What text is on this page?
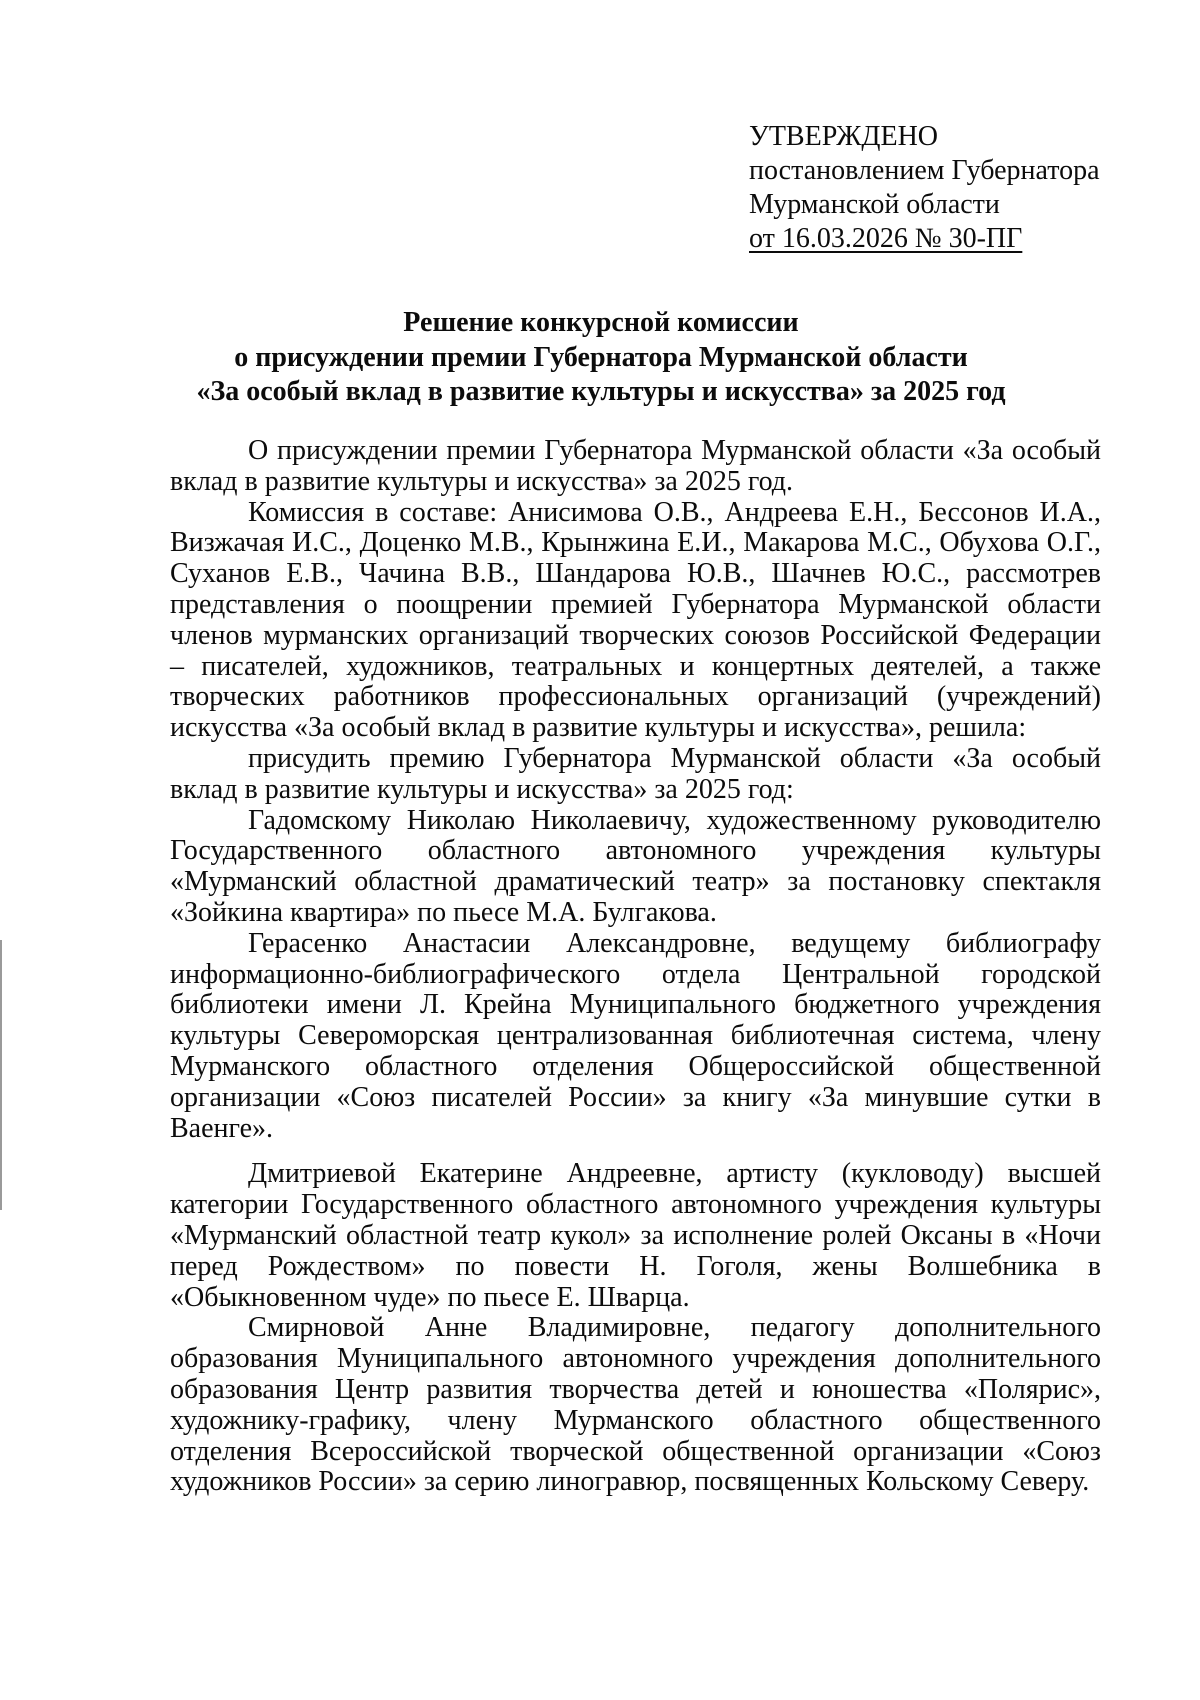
УТВЕРЖДЕНО
постановлением Губернатора
Мурманской области
от 16.03.2026 № 30-ПГ
Решение конкурсной комиссии
о присуждении премии Губернатора Мурманской области
«За особый вклад в развитие культуры и искусства» за 2025 год

О присуждении премии Губернатора Мурманской области «За особый вклад в развитие культуры и искусства» за 2025 год.

Комиссия в составе: Анисимова О.В., Андреева Е.Н., Бессонов И.А., Визжачая И.С., Доценко М.В., Крынжина Е.И., Макарова М.С., Обухова О.Г., Суханов Е.В., Чачина В.В., Шандарова Ю.В., Шачнев Ю.С., рассмотрев представления о поощрении премией Губернатора Мурманской области членов мурманских организаций творческих союзов Российской Федерации – писателей, художников, театральных и концертных деятелей, а также творческих работников профессиональных организаций (учреждений) искусства «За особый вклад в развитие культуры и искусства», решила:

присудить премию Губернатора Мурманской области «За особый вклад в развитие культуры и искусства» за 2025 год:

Гадомскому Николаю Николаевичу, художественному руководителю Государственного областного автономного учреждения культуры «Мурманский областной драматический театр» за постановку спектакля «Зойкина квартира» по пьесе М.А. Булгакова.

Герасенко Анастасии Александровне, ведущему библиографу информационно-библиографического отдела Центральной городской библиотеки имени Л. Крейна Муниципального бюджетного учреждения культуры Североморская централизованная библиотечная система, члену Мурманского областного отделения Общероссийской общественной организации «Союз писателей России» за книгу «За минувшие сутки в Ваенге».

Дмитриевой Екатерине Андреевне, артисту (кукловоду) высшей категории Государственного областного автономного учреждения культуры «Мурманский областной театр кукол» за исполнение ролей Оксаны в «Ночи перед Рождеством» по повести Н. Гоголя, жены Волшебника в «Обыкновенном чуде» по пьесе Е. Шварца.

Смирновой Анне Владимировне, педагогу дополнительного образования Муниципального автономного учреждения дополнительного образования Центр развития творчества детей и юношества «Полярис», художнику-графику, члену Мурманского областного общественного отделения Всероссийской творческой общественной организации «Союз художников России» за серию линогравюр, посвященных Кольскому Северу.
